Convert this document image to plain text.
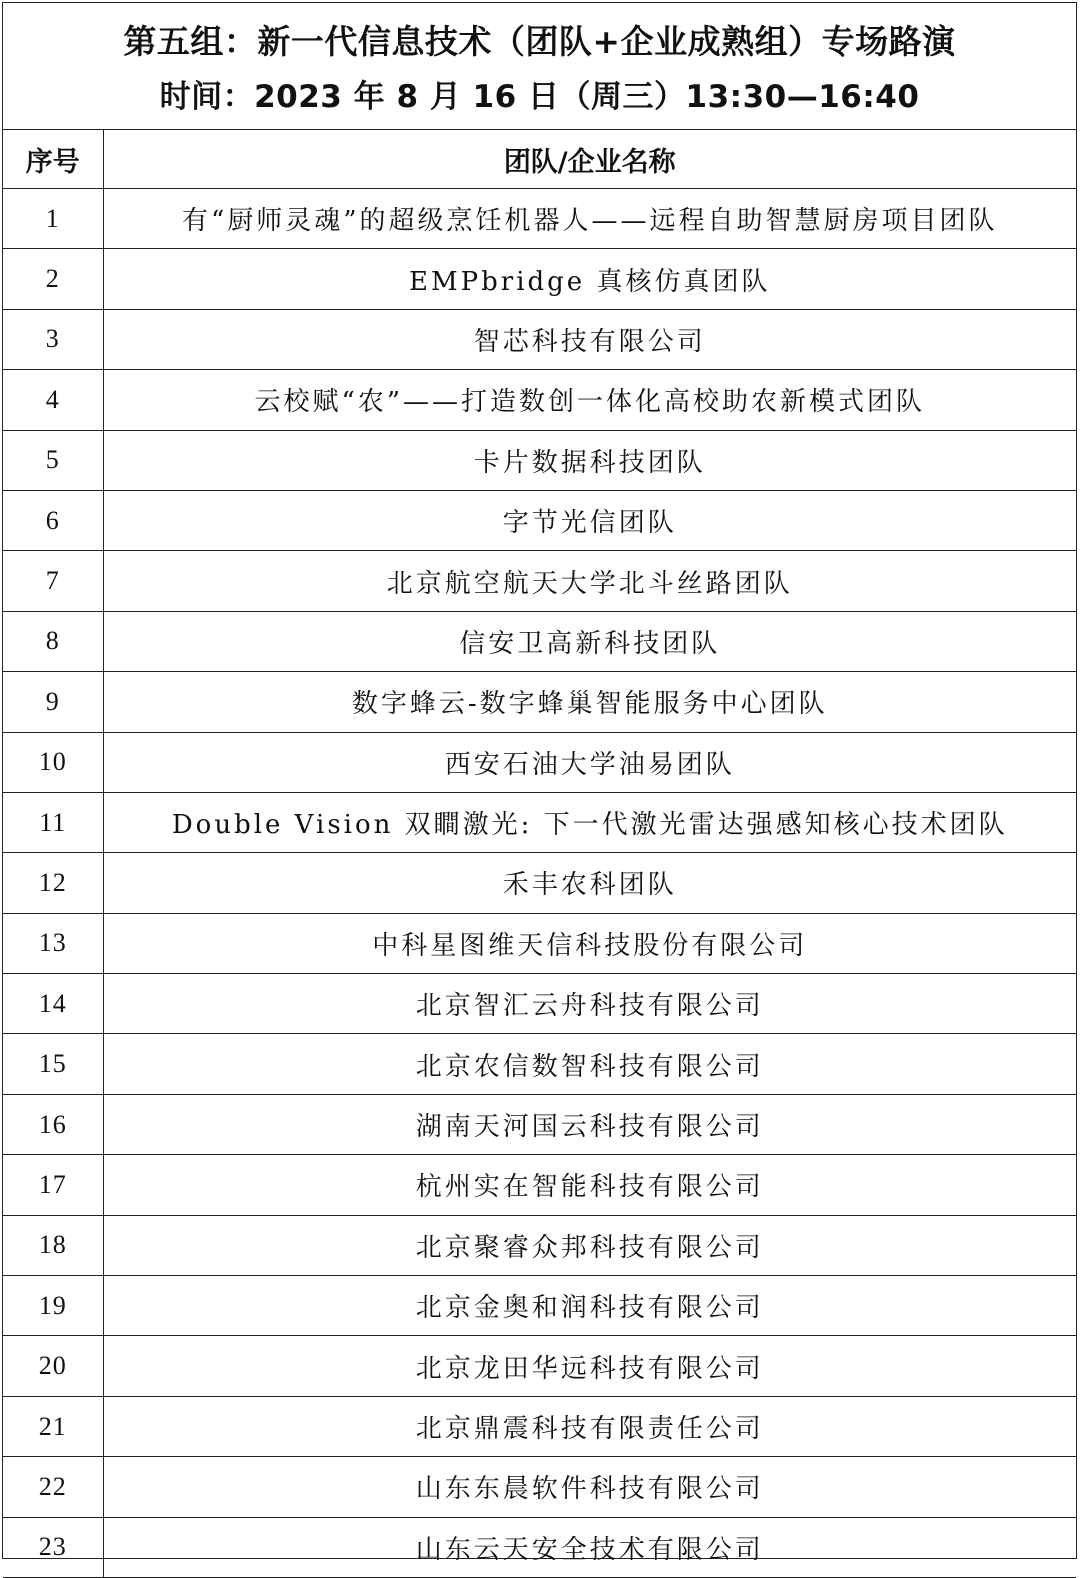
第五组：新一代信息技术（团队+企业成熟组）专场路演
时间：2023 年 8 月 16 日（周三）13:30—16:40
序号	团队/企业名称
1	有“厨师灵魂”的超级烹饪机器人——远程自助智慧厨房项目团队
2	EMPbridge 真核仿真团队
3	智芯科技有限公司
4	云校赋“农”——打造数创一体化高校助农新模式团队
5	卡片数据科技团队
6	字节光信团队
7	北京航空航天大学北斗丝路团队
8	信安卫高新科技团队
9	数字蜂云-数字蜂巢智能服务中心团队
10	西安石油大学油易团队
11	Double Vision 双瞷激光: 下一代激光雷达强感知核心技术团队
12	禾丰农科团队
13	中科星图维天信科技股份有限公司
14	北京智汇云舟科技有限公司
15	北京农信数智科技有限公司
16	湖南天河国云科技有限公司
17	杭州实在智能科技有限公司
18	北京聚睿众邦科技有限公司
19	北京金奥和润科技有限公司
20	北京龙田华远科技有限公司
21	北京鼎震科技有限责任公司
22	山东东晨软件科技有限公司
23	山东云天安全技术有限公司
